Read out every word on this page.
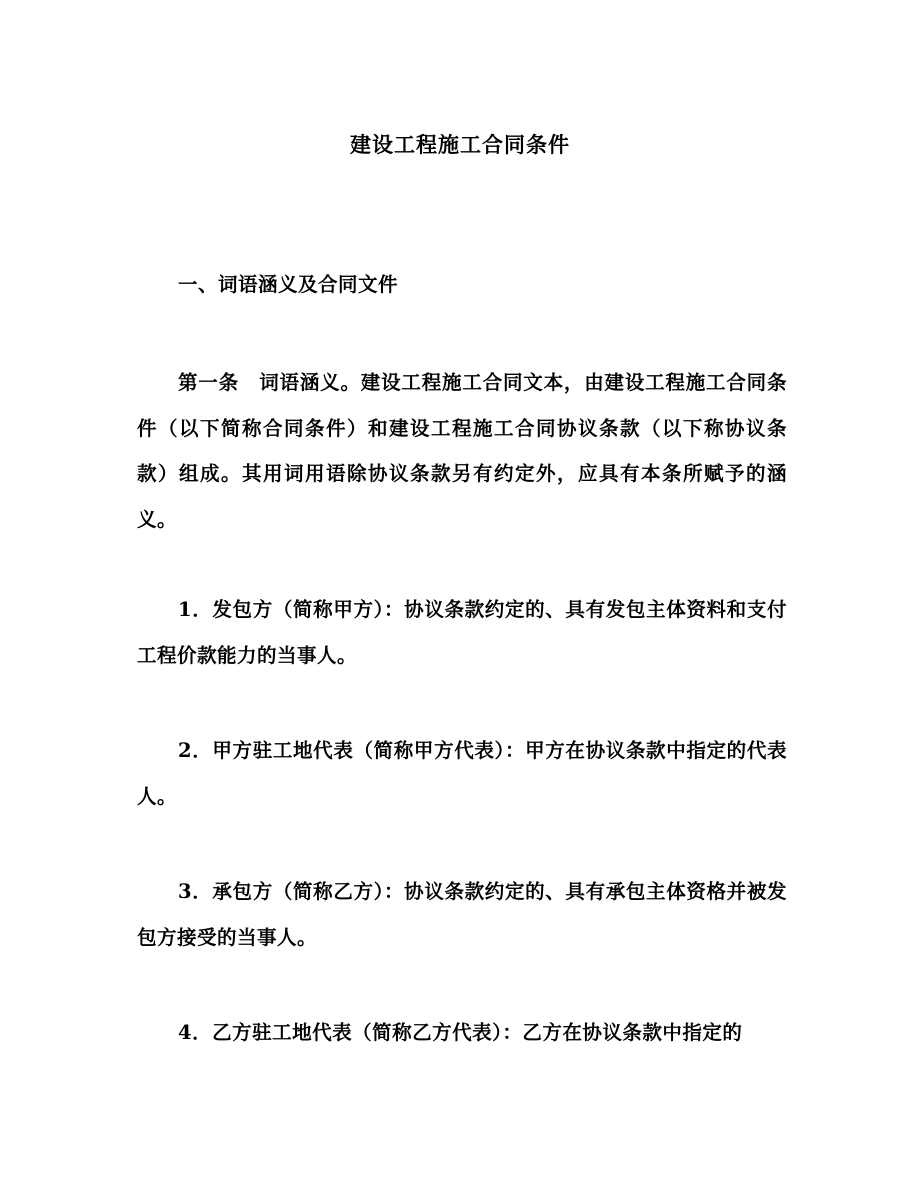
建设工程施工合同条件

一、词语涵义及合同文件

第一条　词语涵义。建设工程施工合同文本，由建设工程施工合同条件（以下简称合同条件）和建设工程施工合同协议条款（以下称协议条款）组成。其用词用语除协议条款另有约定外，应具有本条所赋予的涵义。

1．发包方（简称甲方）：协议条款约定的、具有发包主体资料和支付工程价款能力的当事人。

2．甲方驻工地代表（简称甲方代表）：甲方在协议条款中指定的代表人。

3．承包方（简称乙方）：协议条款约定的、具有承包主体资格并被发包方接受的当事人。

4．乙方驻工地代表（简称乙方代表）：乙方在协议条款中指定的
